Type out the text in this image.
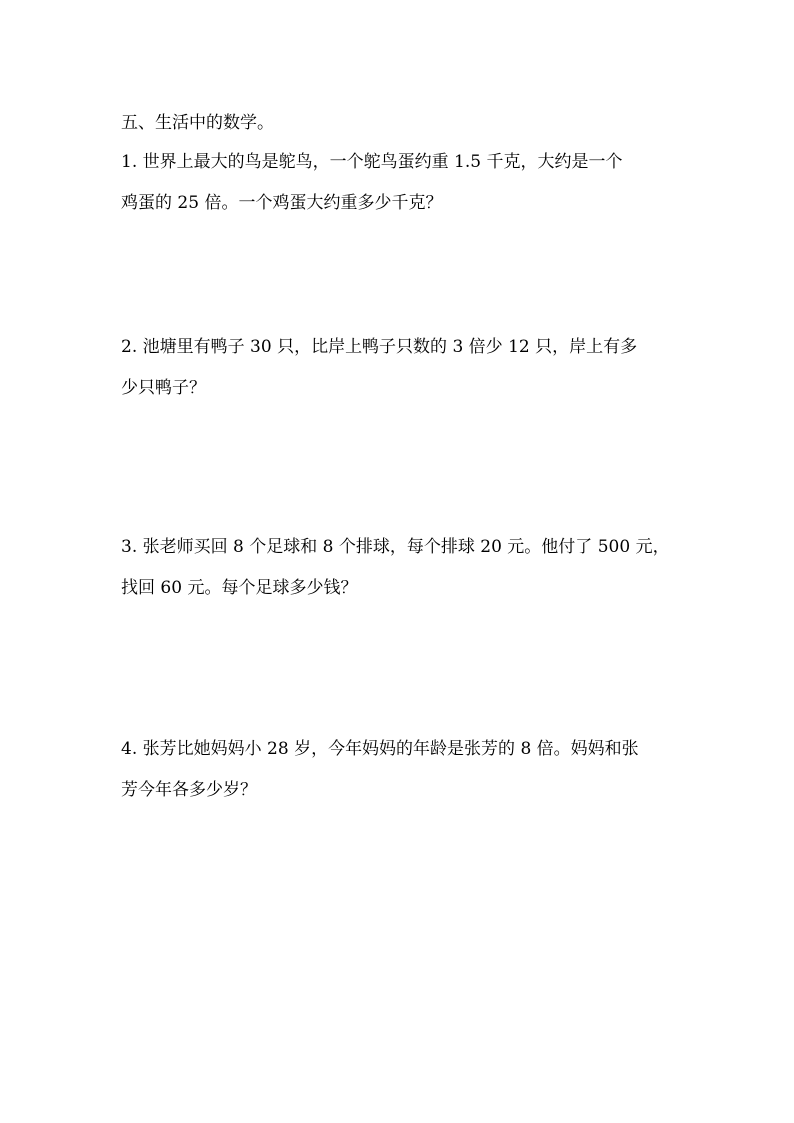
五、生活中的数学。
1. 世界上最大的鸟是鸵鸟，一个鸵鸟蛋约重 1.5 千克，大约是一个
鸡蛋的 25 倍。一个鸡蛋大约重多少千克？
2. 池塘里有鸭子 30 只，比岸上鸭子只数的 3 倍少 12 只，岸上有多
少只鸭子？
3. 张老师买回 8 个足球和 8 个排球，每个排球 20 元。他付了 500 元，
找回 60 元。每个足球多少钱？
4. 张芳比她妈妈小 28 岁，今年妈妈的年龄是张芳的 8 倍。妈妈和张
芳今年各多少岁？
